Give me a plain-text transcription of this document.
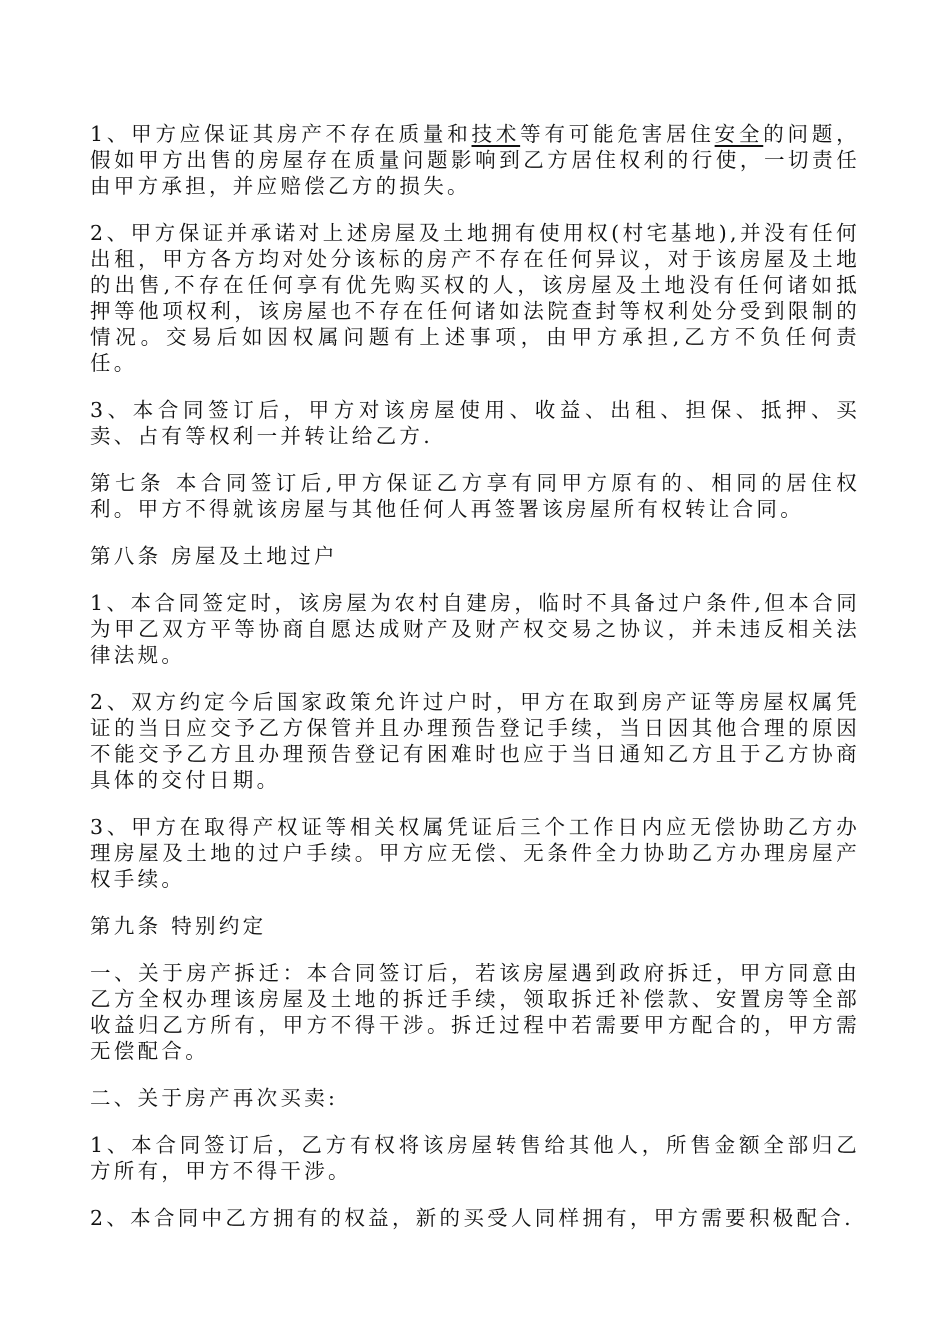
1、甲方应保证其房产不存在质量和技术等有可能危害居住安全的问题，假如甲方出售的房屋存在质量问题影响到乙方居住权利的行使，一切责任由甲方承担，并应赔偿乙方的损失。

2、甲方保证并承诺对上述房屋及土地拥有使用权(村宅基地),并没有任何出租，甲方各方均对处分该标的房产不存在任何异议，对于该房屋及土地的出售,不存在任何享有优先购买权的人，该房屋及土地没有任何诸如抵押等他项权利，该房屋也不存在任何诸如法院查封等权利处分受到限制的情况。交易后如因权属问题有上述事项，由甲方承担,乙方不负任何责任。

3、本合同签订后，甲方对该房屋使用、收益、出租、担保、抵押、买卖、占有等权利一并转让给乙方.

第七条 本合同签订后,甲方保证乙方享有同甲方原有的、相同的居住权利。甲方不得就该房屋与其他任何人再签署该房屋所有权转让合同。

第八条 房屋及土地过户

1、本合同签定时，该房屋为农村自建房，临时不具备过户条件,但本合同为甲乙双方平等协商自愿达成财产及财产权交易之协议，并未违反相关法律法规。

2、双方约定今后国家政策允许过户时，甲方在取到房产证等房屋权属凭证的当日应交予乙方保管并且办理预告登记手续，当日因其他合理的原因不能交予乙方且办理预告登记有困难时也应于当日通知乙方且于乙方协商具体的交付日期。

3、甲方在取得产权证等相关权属凭证后三个工作日内应无偿协助乙方办理房屋及土地的过户手续。甲方应无偿、无条件全力协助乙方办理房屋产权手续。

第九条 特别约定

一、关于房产拆迁：本合同签订后，若该房屋遇到政府拆迁，甲方同意由乙方全权办理该房屋及土地的拆迁手续，领取拆迁补偿款、安置房等全部收益归乙方所有，甲方不得干涉。拆迁过程中若需要甲方配合的，甲方需无偿配合。

二、关于房产再次买卖:

1、本合同签订后，乙方有权将该房屋转售给其他人，所售金额全部归乙方所有，甲方不得干涉。

2、本合同中乙方拥有的权益，新的买受人同样拥有，甲方需要积极配合.
